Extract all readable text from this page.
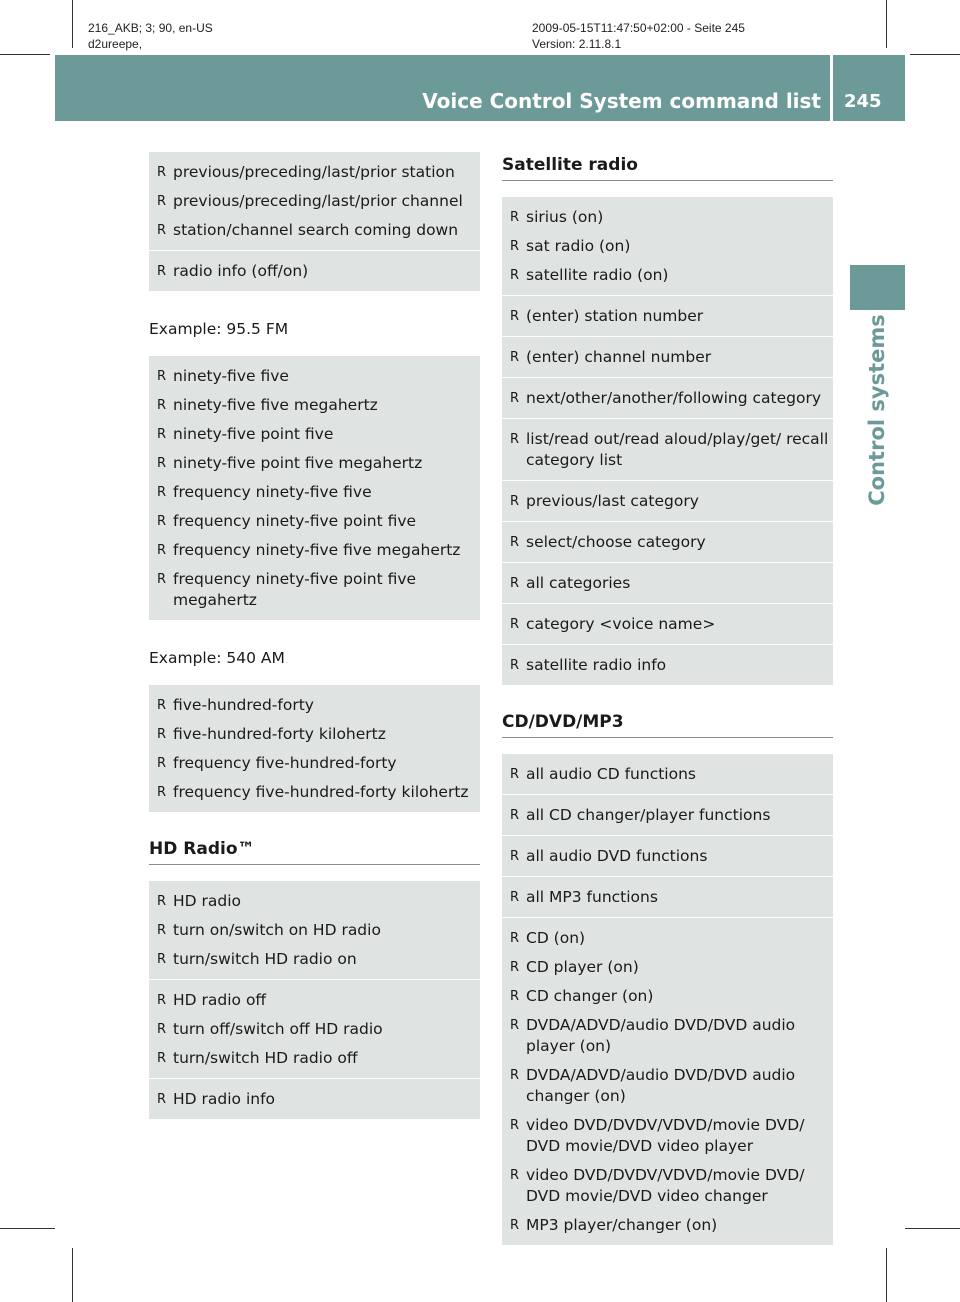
216_AKB; 3; 90, en-US
d2ureepe,
2009-05-15T11:47:50+02:00 - Seite 245
Version: 2.11.8.1
Voice Control System command list 245
Control systems
R previous/preceding/last/prior station
R previous/preceding/last/prior channel
R station/channel search coming down
R radio info (off/on)
Example: 95.5 FM
R ninety-five five
R ninety-five five megahertz
R ninety-five point five
R ninety-five point five megahertz
R frequency ninety-five five
R frequency ninety-five point five
R frequency ninety-five five megahertz
R frequency ninety-five point five megahertz
Example: 540 AM
R five-hundred-forty
R five-hundred-forty kilohertz
R frequency five-hundred-forty
R frequency five-hundred-forty kilohertz
HD Radio™
R HD radio
R turn on/switch on HD radio
R turn/switch HD radio on
R HD radio off
R turn off/switch off HD radio
R turn/switch HD radio off
R HD radio info
Satellite radio
R sirius (on)
R sat radio (on)
R satellite radio (on)
R (enter) station number
R (enter) channel number
R next/other/another/following category
R list/read out/read aloud/play/get/ recall category list
R previous/last category
R select/choose category
R all categories
R category <voice name>
R satellite radio info
CD/DVD/MP3
R all audio CD functions
R all CD changer/player functions
R all audio DVD functions
R all MP3 functions
R CD (on)
R CD player (on)
R CD changer (on)
R DVDA/ADVD/audio DVD/DVD audio player (on)
R DVDA/ADVD/audio DVD/DVD audio changer (on)
R video DVD/DVDV/VDVD/movie DVD/ DVD movie/DVD video player
R video DVD/DVDV/VDVD/movie DVD/ DVD movie/DVD video changer
R MP3 player/changer (on)
